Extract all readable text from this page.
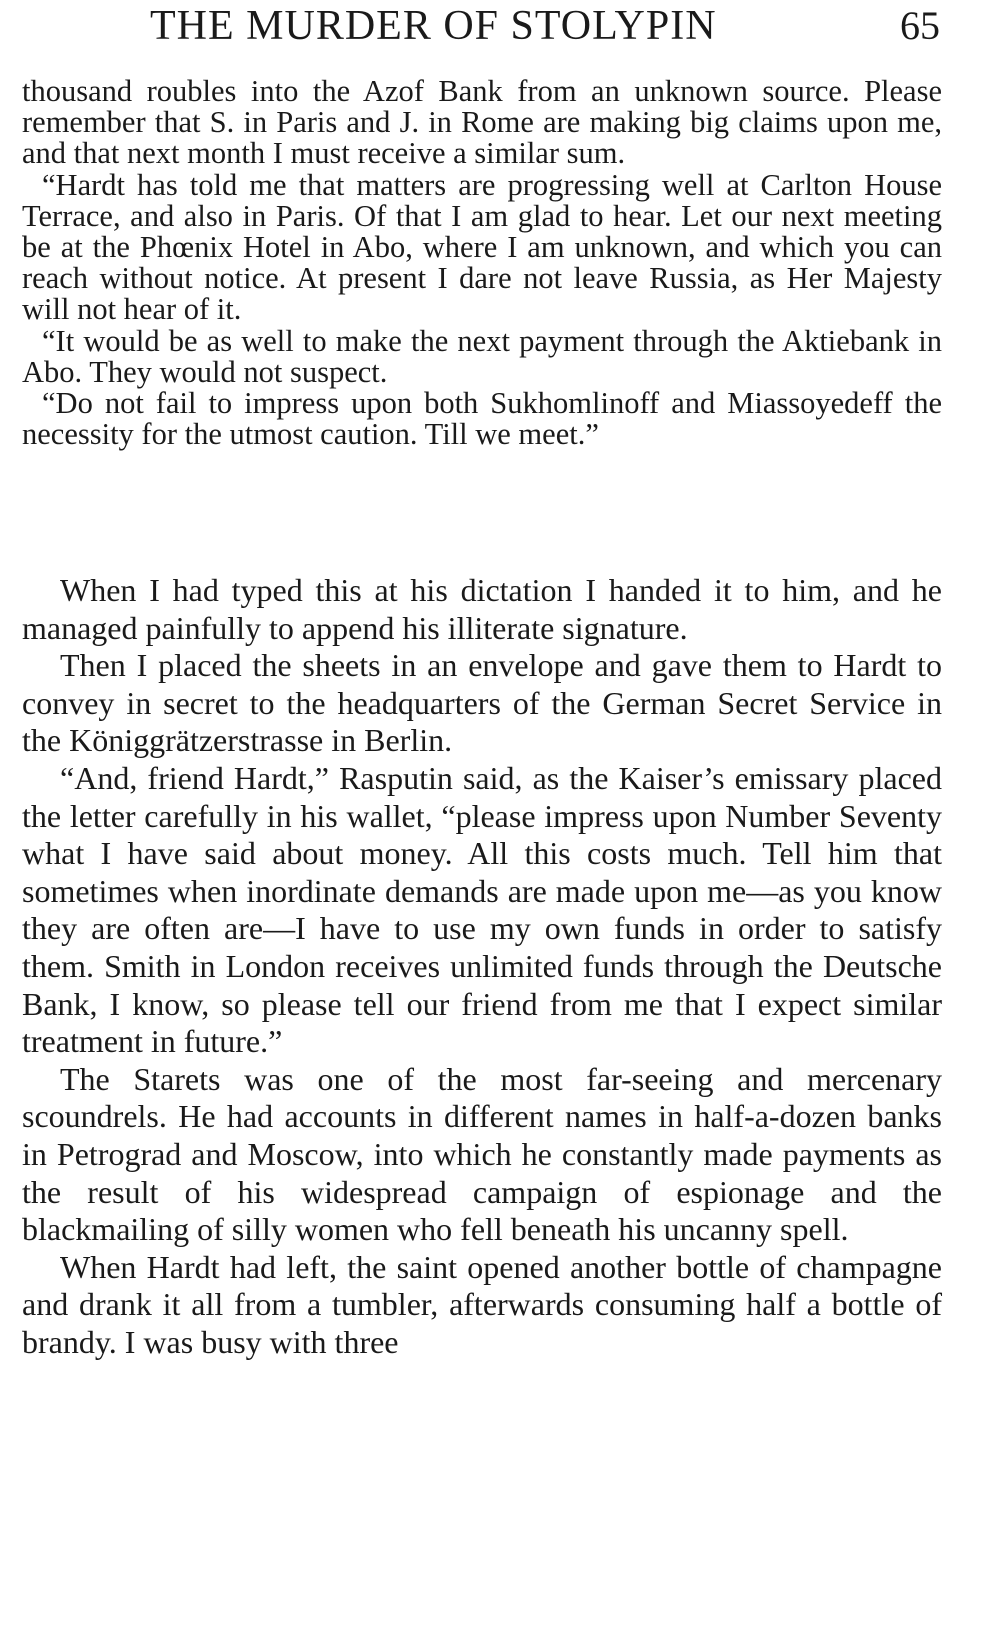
THE MURDER OF STOLYPIN	65

thousand roubles into the Azof Bank from an unknown source. Please remember that S. in Paris and J. in Rome are making big claims upon me, and that next month I must receive a similar sum.

“Hardt has told me that matters are progressing well at Carlton House Terrace, and also in Paris. Of that I am glad to hear. Let our next meeting be at the Phœnix Hotel in Abo, where I am unknown, and which you can reach without notice. At present I dare not leave Russia, as Her Majesty will not hear of it.

“It would be as well to make the next payment through the Aktiebank in Abo. They would not suspect.

“Do not fail to impress upon both Sukhomlinoff and Miassoyedeff the necessity for the utmost caution. Till we meet.”

When I had typed this at his dictation I handed it to him, and he managed painfully to append his illiterate signature.

Then I placed the sheets in an envelope and gave them to Hardt to convey in secret to the headquarters of the German Secret Service in the Königgrätzerstrasse in Berlin.

“And, friend Hardt,” Rasputin said, as the Kaiser’s emissary placed the letter carefully in his wallet, “please impress upon Number Seventy what I have said about money. All this costs much. Tell him that sometimes when inordinate demands are made upon me—as you know they are often are—I have to use my own funds in order to satisfy them. Smith in London receives unlimited funds through the Deutsche Bank, I know, so please tell our friend from me that I expect similar treatment in future.”

The Starets was one of the most far-seeing and mercenary scoundrels. He had accounts in different names in half-a-dozen banks in Petrograd and Moscow, into which he constantly made payments as the result of his widespread campaign of espionage and the blackmailing of silly women who fell beneath his uncanny spell.

When Hardt had left, the saint opened another bottle of champagne and drank it all from a tumbler, afterwards consuming half a bottle of brandy. I was busy with three
